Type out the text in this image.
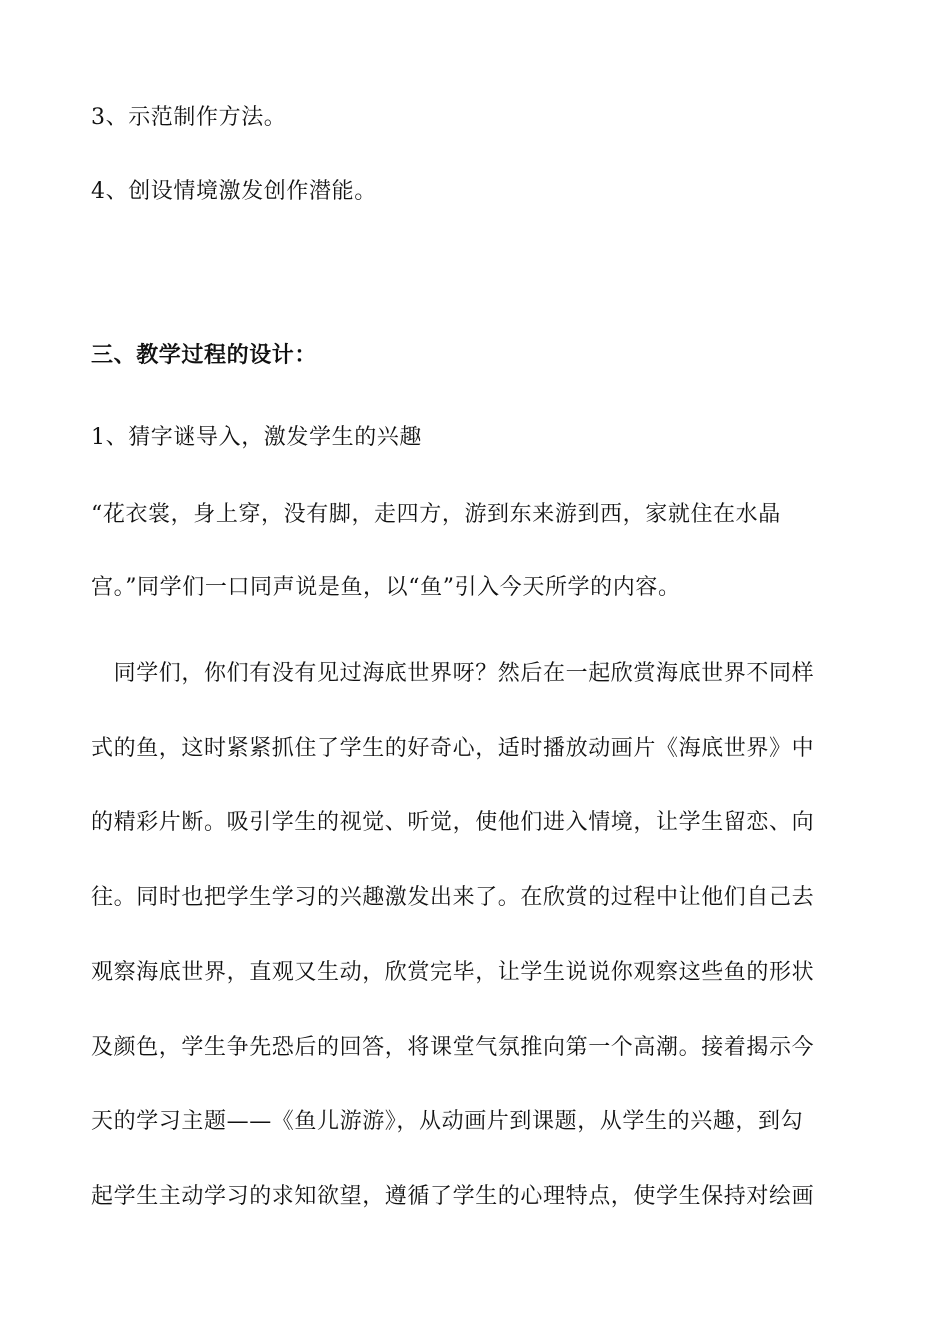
3、示范制作方法。
4、创设情境激发创作潜能。
三、教学过程的设计：
1、猜字谜导入，激发学生的兴趣
“花衣裳，身上穿，没有脚，走四方，游到东来游到西，家就住在水晶
宫。”同学们一口同声说是鱼，以“鱼”引入今天所学的内容。
　同学们，你们有没有见过海底世界呀？然后在一起欣赏海底世界不同样
式的鱼，这时紧紧抓住了学生的好奇心，适时播放动画片《海底世界》中
的精彩片断。吸引学生的视觉、听觉，使他们进入情境，让学生留恋、向
往。同时也把学生学习的兴趣激发出来了。在欣赏的过程中让他们自己去
观察海底世界，直观又生动，欣赏完毕，让学生说说你观察这些鱼的形状
及颜色，学生争先恐后的回答，将课堂气氛推向第一个高潮。接着揭示今
天的学习主题——《鱼儿游游》，从动画片到课题，从学生的兴趣，到勾
起学生主动学习的求知欲望，遵循了学生的心理特点，使学生保持对绘画
